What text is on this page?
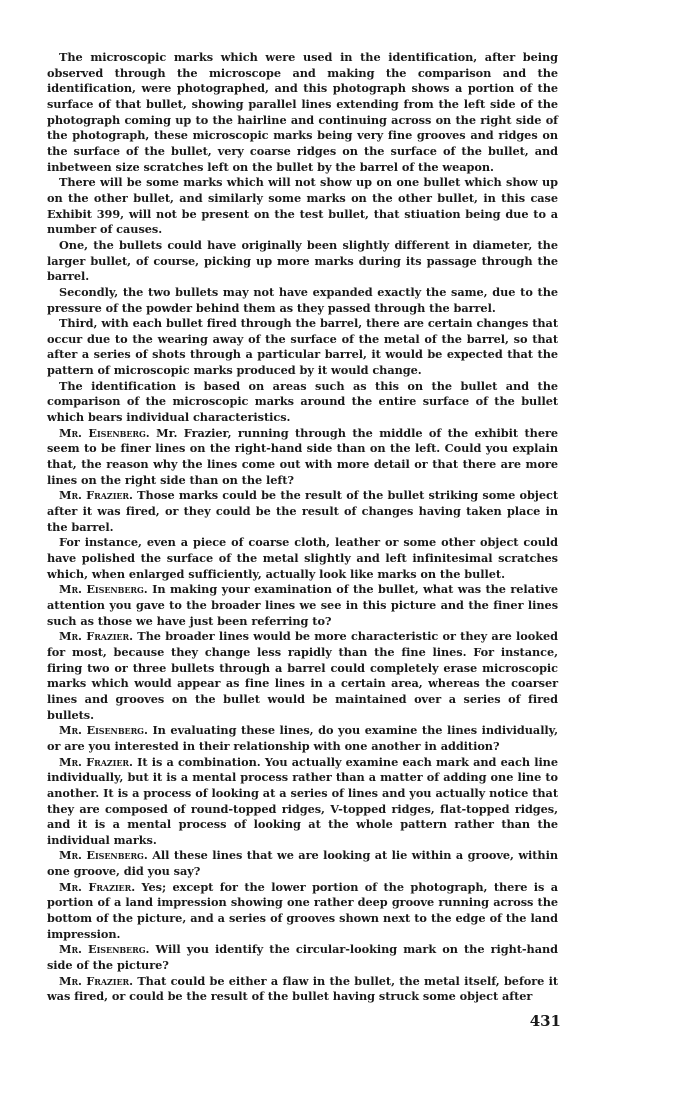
The microscopic marks which were used in the identification, after being observed through the microscope and making the comparison and the identification, were photographed, and this photograph shows a portion of the surface of that bullet, showing parallel lines extending from the left side of the photograph coming up to the hairline and continuing across on the right side of the photograph, these microscopic marks being very fine grooves and ridges on the surface of the bullet, very coarse ridges on the surface of the bullet, and inbetween size scratches left on the bullet by the barrel of the weapon.

There will be some marks which will not show up on one bullet which show up on the other bullet, and similarly some marks on the other bullet, in this case Exhibit 399, will not be present on the test bullet, that stiuation being due to a number of causes.

One, the bullets could have originally been slightly different in diameter, the larger bullet, of course, picking up more marks during its passage through the barrel.

Secondly, the two bullets may not have expanded exactly the same, due to the pressure of the powder behind them as they passed through the barrel.

Third, with each bullet fired through the barrel, there are certain changes that occur due to the wearing away of the surface of the metal of the barrel, so that after a series of shots through a particular barrel, it would be expected that the pattern of microscopic marks produced by it would change.

The identification is based on areas such as this on the bullet and the comparison of the microscopic marks around the entire surface of the bullet which bears individual characteristics.

Mr. Eisenberg. Mr. Frazier, running through the middle of the exhibit there seem to be finer lines on the right-hand side than on the left. Could you explain that, the reason why the lines come out with more detail or that there are more lines on the right side than on the left?

Mr. Frazier. Those marks could be the result of the bullet striking some object after it was fired, or they could be the result of changes having taken place in the barrel.

For instance, even a piece of coarse cloth, leather or some other object could have polished the surface of the metal slightly and left infinitesimal scratches which, when enlarged sufficiently, actually look like marks on the bullet.

Mr. Eisenberg. In making your examination of the bullet, what was the relative attention you gave to the broader lines we see in this picture and the finer lines such as those we have just been referring to?

Mr. Frazier. The broader lines would be more characteristic or they are looked for most, because they change less rapidly than the fine lines. For instance, firing two or three bullets through a barrel could completely erase microscopic marks which would appear as fine lines in a certain area, whereas the coarser lines and grooves on the bullet would be maintained over a series of fired bullets.

Mr. Eisenberg. In evaluating these lines, do you examine the lines individually, or are you interested in their relationship with one another in addition?

Mr. Frazier. It is a combination. You actually examine each mark and each line individually, but it is a mental process rather than a matter of adding one line to another. It is a process of looking at a series of lines and you actually notice that they are composed of round-topped ridges, V-topped ridges, flat-topped ridges, and it is a mental process of looking at the whole pattern rather than the individual marks.

Mr. Eisenberg. All these lines that we are looking at lie within a groove, within one groove, did you say?

Mr. Frazier. Yes; except for the lower portion of the photograph, there is a portion of a land impression showing one rather deep groove running across the bottom of the picture, and a series of grooves shown next to the edge of the land impression.

Mr. Eisenberg. Will you identify the circular-looking mark on the right-hand side of the picture?

Mr. Frazier. That could be either a flaw in the bullet, the metal itself, before it was fired, or could be the result of the bullet having struck some object after

431
